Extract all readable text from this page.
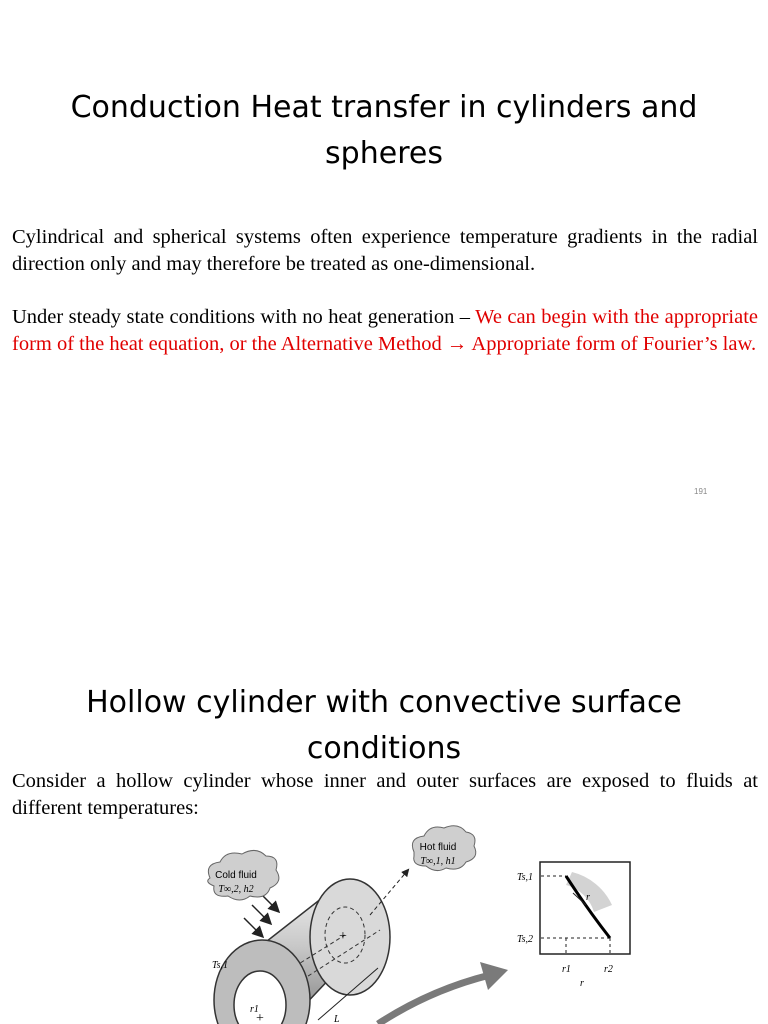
Conduction Heat transfer in cylinders and
spheres

Cylindrical and spherical systems often experience temperature gradients in the radial direction only and may therefore be treated as one-dimensional.

Under steady state conditions with no heat generation – We can begin with the appropriate form of the heat equation, or the Alternative Method → Appropriate form of Fourier’s law.

191
Hollow cylinder with convective surface
conditions

Consider a hollow cylinder whose inner and outer surfaces are exposed to fluids at different temperatures:

+
+
Cold fluid
T∞,2, h2
Hot fluid
T∞,1, h1
Ts,1
r1
L
r
Ts,1
Ts,2
r1	r2
r
